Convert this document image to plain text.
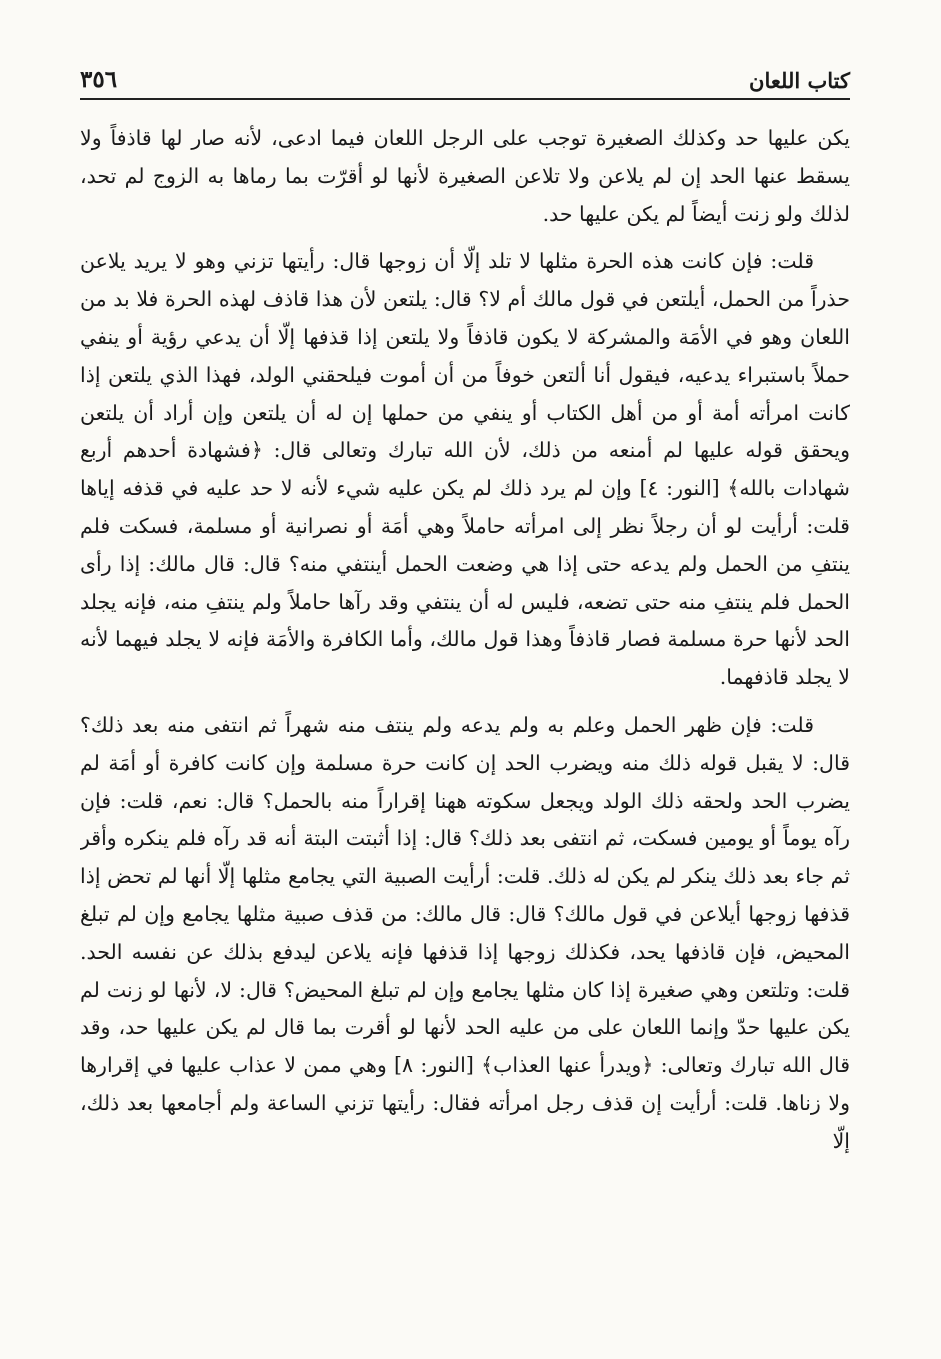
كتاب اللعان
٣٥٦

يكن عليها حد وكذلك الصغيرة توجب على الرجل اللعان فيما ادعى، لأنه صار لها قاذفاً ولا يسقط عنها الحد إن لم يلاعن ولا تلاعن الصغيرة لأنها لو أقرّت بما رماها به الزوج لم تحد، لذلك ولو زنت أيضاً لم يكن عليها حد.

قلت: فإن كانت هذه الحرة مثلها لا تلد إلّا أن زوجها قال: رأيتها تزني وهو لا يريد يلاعن حذراً من الحمل، أيلتعن في قول مالك أم لا؟ قال: يلتعن لأن هذا قاذف لهذه الحرة فلا بد من اللعان وهو في الأمَة والمشركة لا يكون قاذفاً ولا يلتعن إذا قذفها إلّا أن يدعي رؤية أو ينفي حملاً باستبراء يدعيه، فيقول أنا ألتعن خوفاً من أن أموت فيلحقني الولد، فهذا الذي يلتعن إذا كانت امرأته أمة أو من أهل الكتاب أو ينفي من حملها إن له أن يلتعن وإن أراد أن يلتعن ويحقق قوله عليها لم أمنعه من ذلك، لأن الله تبارك وتعالى قال: ﴿فشهادة أحدهم أربع شهادات بالله﴾ [النور: ٤] وإن لم يرد ذلك لم يكن عليه شيء لأنه لا حد عليه في قذفه إياها قلت: أرأيت لو أن رجلاً نظر إلى امرأته حاملاً وهي أمَة أو نصرانية أو مسلمة، فسكت فلم ينتفِ من الحمل ولم يدعه حتى إذا هي وضعت الحمل أينتفي منه؟ قال: قال مالك: إذا رأى الحمل فلم ينتفِ منه حتى تضعه، فليس له أن ينتفي وقد رآها حاملاً ولم ينتفِ منه، فإنه يجلد الحد لأنها حرة مسلمة فصار قاذفاً وهذا قول مالك، وأما الكافرة والأمَة فإنه لا يجلد فيهما لأنه لا يجلد قاذفهما.

قلت: فإن ظهر الحمل وعلم به ولم يدعه ولم ينتف منه شهراً ثم انتفى منه بعد ذلك؟ قال: لا يقبل قوله ذلك منه ويضرب الحد إن كانت حرة مسلمة وإن كانت كافرة أو أمَة لم يضرب الحد ولحقه ذلك الولد ويجعل سكوته ههنا إقراراً منه بالحمل؟ قال: نعم، قلت: فإن رآه يوماً أو يومين فسكت، ثم انتفى بعد ذلك؟ قال: إذا أثبتت البتة أنه قد رآه فلم ينكره وأقر ثم جاء بعد ذلك ينكر لم يكن له ذلك. قلت: أرأيت الصبية التي يجامع مثلها إلّا أنها لم تحض إذا قذفها زوجها أيلاعن في قول مالك؟ قال: قال مالك: من قذف صبية مثلها يجامع وإن لم تبلغ المحيض، فإن قاذفها يحد، فكذلك زوجها إذا قذفها فإنه يلاعن ليدفع بذلك عن نفسه الحد. قلت: وتلتعن وهي صغيرة إذا كان مثلها يجامع وإن لم تبلغ المحيض؟ قال: لا، لأنها لو زنت لم يكن عليها حدّ وإنما اللعان على من عليه الحد لأنها لو أقرت بما قال لم يكن عليها حد، وقد قال الله تبارك وتعالى: ﴿ويدرأ عنها العذاب﴾ [النور: ٨] وهي ممن لا عذاب عليها في إقرارها ولا زناها. قلت: أرأيت إن قذف رجل امرأته فقال: رأيتها تزني الساعة ولم أجامعها بعد ذلك، إلّا
